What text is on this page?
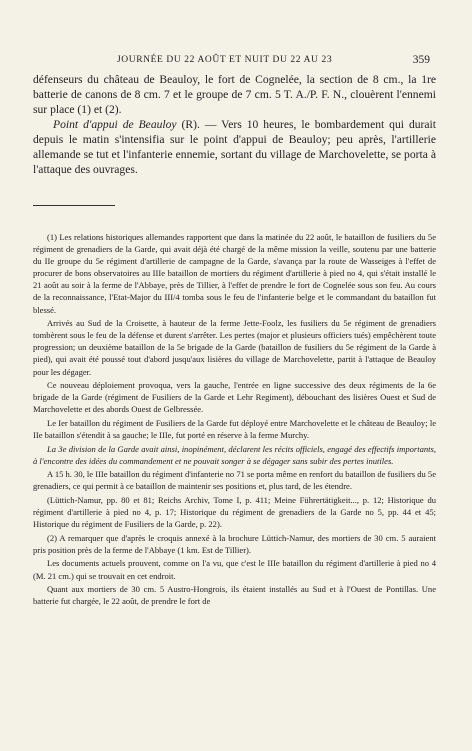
JOURNÉE DU 22 AOÛT ET NUIT DU 22 AU 23	359

défenseurs du château de Beauloy, le fort de Cognelée, la section de 8 cm., la 1re batterie de canons de 8 cm. 7 et le groupe de 7 cm. 5 T. A./P. F. N., clouèrent l'ennemi sur place (1) et (2).

Point d'appui de Beauloy (R). — Vers 10 heures, le bombardement qui durait depuis le matin s'intensifia sur le point d'appui de Beauloy; peu après, l'artillerie allemande se tut et l'infanterie ennemie, sortant du village de Marchovelette, se porta à l'attaque des ouvrages.

(1) Les relations historiques allemandes rapportent que dans la matinée du 22 août, le bataillon de fusiliers du 5e régiment de grenadiers de la Garde, qui avait déjà été chargé de la même mission la veille, soutenu par une batterie du IIe groupe du 5e régiment d'artillerie de campagne de la Garde, s'avança par la route de Wasseiges à l'effet de procurer de bons observatoires au IIIe bataillon de mortiers du régiment d'artillerie à pied no 4, qui s'était installé le 21 août au soir à la ferme de l'Abbaye, près de Tillier, à l'effet de prendre le fort de Cognelée sous son feu. Au cours de la reconnaissance, l'Etat-Major du III/4 tomba sous le feu de l'infanterie belge et le commandant du bataillon fut blessé.

Arrivés au Sud de la Croisette, à hauteur de la ferme Jette-Foolz, les fusiliers du 5e régiment de grenadiers tombèrent sous le feu de la défense et durent s'arrêter. Les pertes (major et plusieurs officiers tués) empêchèrent toute progression; un deuxième bataillon de la 5e brigade de la Garde (bataillon de fusiliers du 5e régiment de la Garde à pied), qui avait été poussé tout d'abord jusqu'aux lisières du village de Marchovelette, partit à l'attaque de Beauloy pour les dégager.

Ce nouveau déploiement provoqua, vers la gauche, l'entrée en ligne successive des deux régiments de la 6e brigade de la Garde (régiment de Fusiliers de la Garde et Lehr Regiment), débouchant des lisières Ouest et Sud de Marchovelette et des abords Ouest de Gelbressée.

Le Ier bataillon du régiment de Fusiliers de la Garde fut déployé entre Marchovelette et le château de Beauloy; le IIe bataillon s'étendit à sa gauche; le IIIe, fut porté en réserve à la ferme Murchy.

La 3e division de la Garde avait ainsi, inopinément, déclarent les récits officiels, engagé des effectifs importants, à l'encontre des idées du commandement et ne pouvait songer à se dégager sans subir des pertes inutiles.

A 15 h. 30, le IIIe bataillon du régiment d'infanterie no 71 se porta même en renfort du bataillon de fusiliers du 5e grenadiers, ce qui permit à ce bataillon de maintenir ses positions et, plus tard, de les étendre.

(Lüttich-Namur, pp. 80 et 81; Reichs Archiv, Tome I, p. 411; Meine Führertätigkeit..., p. 12; Historique du régiment d'artillerie à pied no 4, p. 17; Historique du régiment de grenadiers de la Garde no 5, pp. 44 et 45; Historique du régiment de Fusiliers de la Garde, p. 22).

(2) A remarquer que d'après le croquis annexé à la brochure Lüttich-Namur, des mortiers de 30 cm. 5 auraient pris position près de la ferme de l'Abbaye (1 km. Est de Tillier).

Les documents actuels prouvent, comme on l'a vu, que c'est le IIIe bataillon du régiment d'artillerie à pied no 4 (M. 21 cm.) qui se trouvait en cet endroit.

Quant aux mortiers de 30 cm. 5 Austro-Hongrois, ils étaient installés au Sud et à l'Ouest de Pontillas. Une batterie fut chargée, le 22 août, de prendre le fort de
